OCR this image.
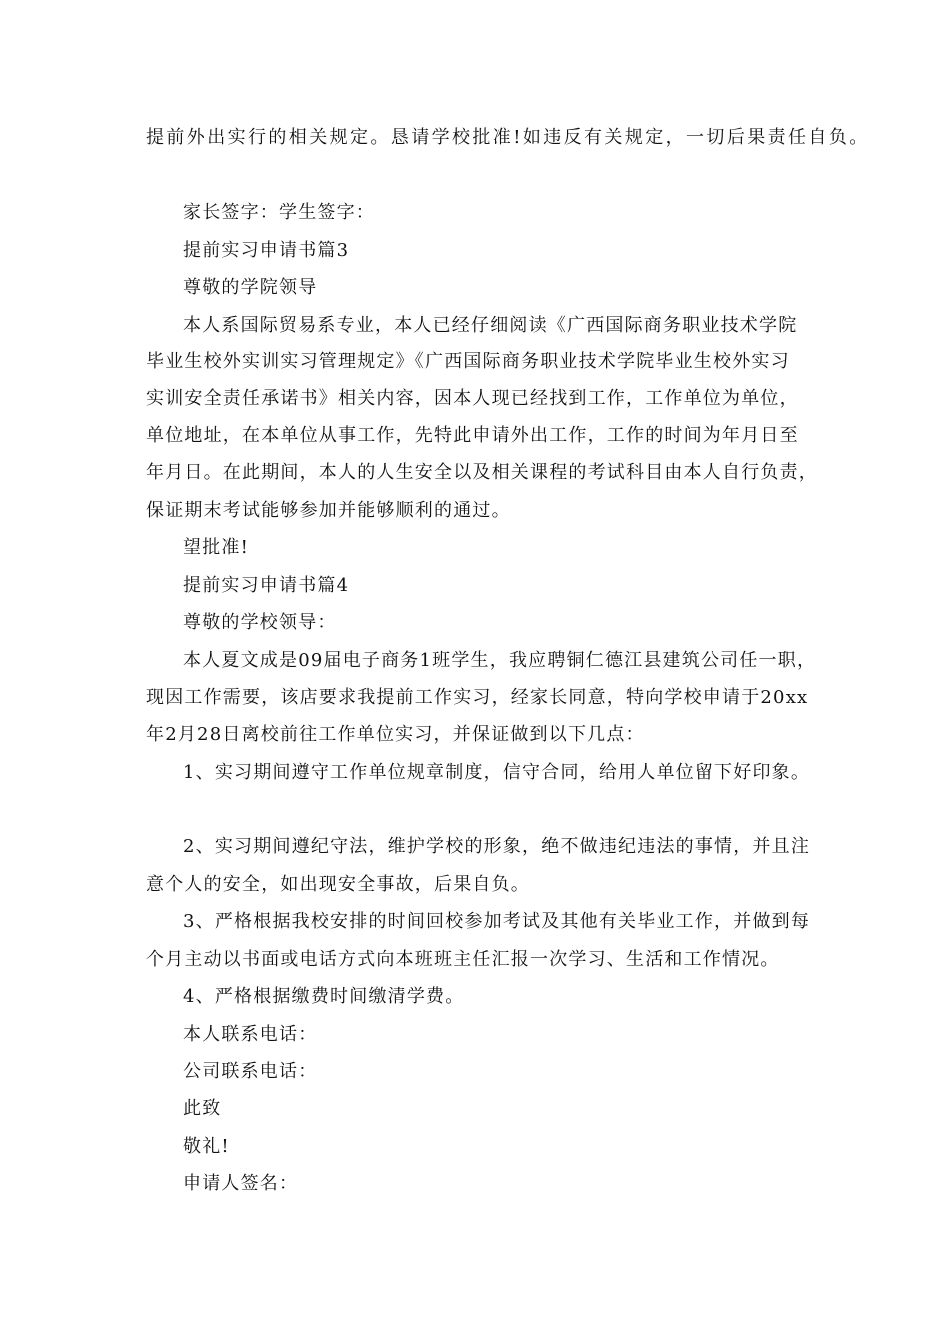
提前外出实行的相关规定。恳请学校批准!如违反有关规定，一切后果责任自负。
家长签字：学生签字：
提前实习申请书篇3
尊敬的学院领导
本人系国际贸易系专业，本人已经仔细阅读《广西国际商务职业技术学院
毕业生校外实训实习管理规定》《广西国际商务职业技术学院毕业生校外实习
实训安全责任承诺书》相关内容，因本人现已经找到工作，工作单位为单位，
单位地址，在本单位从事工作，先特此申请外出工作，工作的时间为年月日至
年月日。在此期间，本人的人生安全以及相关课程的考试科目由本人自行负责，
保证期末考试能够参加并能够顺利的通过。
望批准!
提前实习申请书篇4
尊敬的学校领导：
本人夏文成是09届电子商务1班学生，我应聘铜仁德江县建筑公司任一职，
现因工作需要，该店要求我提前工作实习，经家长同意，特向学校申请于20xx
年2月28日离校前往工作单位实习，并保证做到以下几点：
1、实习期间遵守工作单位规章制度，信守合同，给用人单位留下好印象。
2、实习期间遵纪守法，维护学校的形象，绝不做违纪违法的事情，并且注
意个人的安全，如出现安全事故，后果自负。
3、严格根据我校安排的时间回校参加考试及其他有关毕业工作，并做到每
个月主动以书面或电话方式向本班班主任汇报一次学习、生活和工作情况。
4、严格根据缴费时间缴清学费。
本人联系电话：
公司联系电话：
此致
敬礼!
申请人签名：
